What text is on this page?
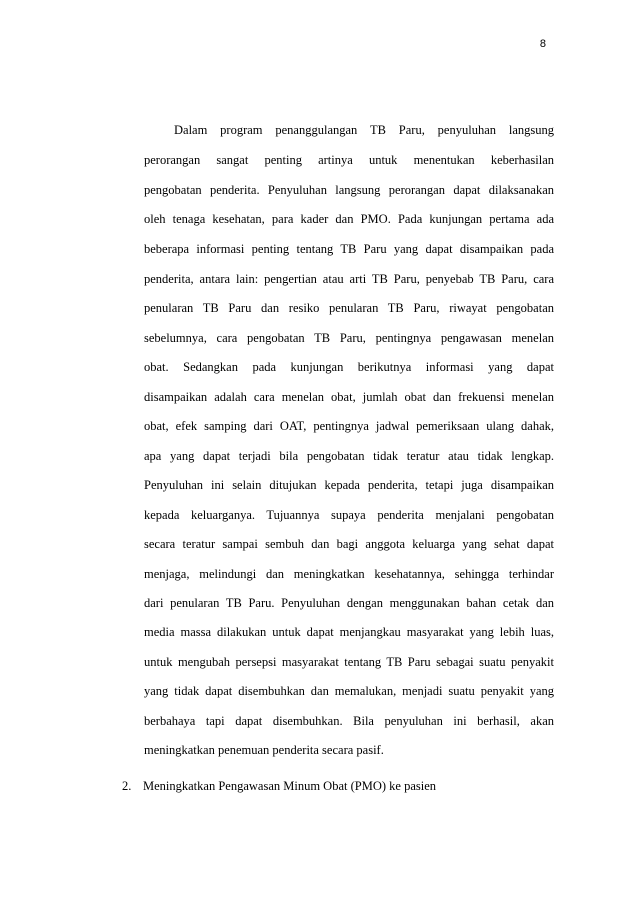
8
Dalam program penanggulangan TB Paru, penyuluhan langsung
perorangan sangat penting artinya untuk menentukan keberhasilan
pengobatan penderita. Penyuluhan langsung perorangan dapat dilaksanakan
oleh tenaga kesehatan, para kader dan PMO. Pada kunjungan pertama ada
beberapa informasi penting tentang TB Paru yang dapat disampaikan pada
penderita, antara lain: pengertian atau arti TB Paru, penyebab TB Paru, cara
penularan TB Paru dan resiko penularan TB Paru, riwayat pengobatan
sebelumnya, cara pengobatan TB Paru, pentingnya pengawasan menelan
obat. Sedangkan pada kunjungan berikutnya informasi yang dapat
disampaikan adalah cara menelan obat, jumlah obat dan frekuensi menelan
obat, efek samping dari OAT, pentingnya jadwal pemeriksaan ulang dahak,
apa yang dapat terjadi bila pengobatan tidak teratur atau tidak lengkap.
Penyuluhan ini selain ditujukan kepada penderita, tetapi juga disampaikan
kepada keluarganya. Tujuannya supaya penderita menjalani pengobatan
secara teratur sampai sembuh dan bagi anggota keluarga yang sehat dapat
menjaga, melindungi dan meningkatkan kesehatannya, sehingga terhindar
dari penularan TB Paru. Penyuluhan dengan menggunakan bahan cetak dan
media massa dilakukan untuk dapat menjangkau masyarakat yang lebih luas,
untuk mengubah persepsi masyarakat tentang TB Paru sebagai suatu penyakit
yang tidak dapat disembuhkan dan memalukan, menjadi suatu penyakit yang
berbahaya tapi dapat disembuhkan. Bila penyuluhan ini berhasil, akan
meningkatkan penemuan penderita secara pasif.
2. Meningkatkan Pengawasan Minum Obat (PMO) ke pasien
